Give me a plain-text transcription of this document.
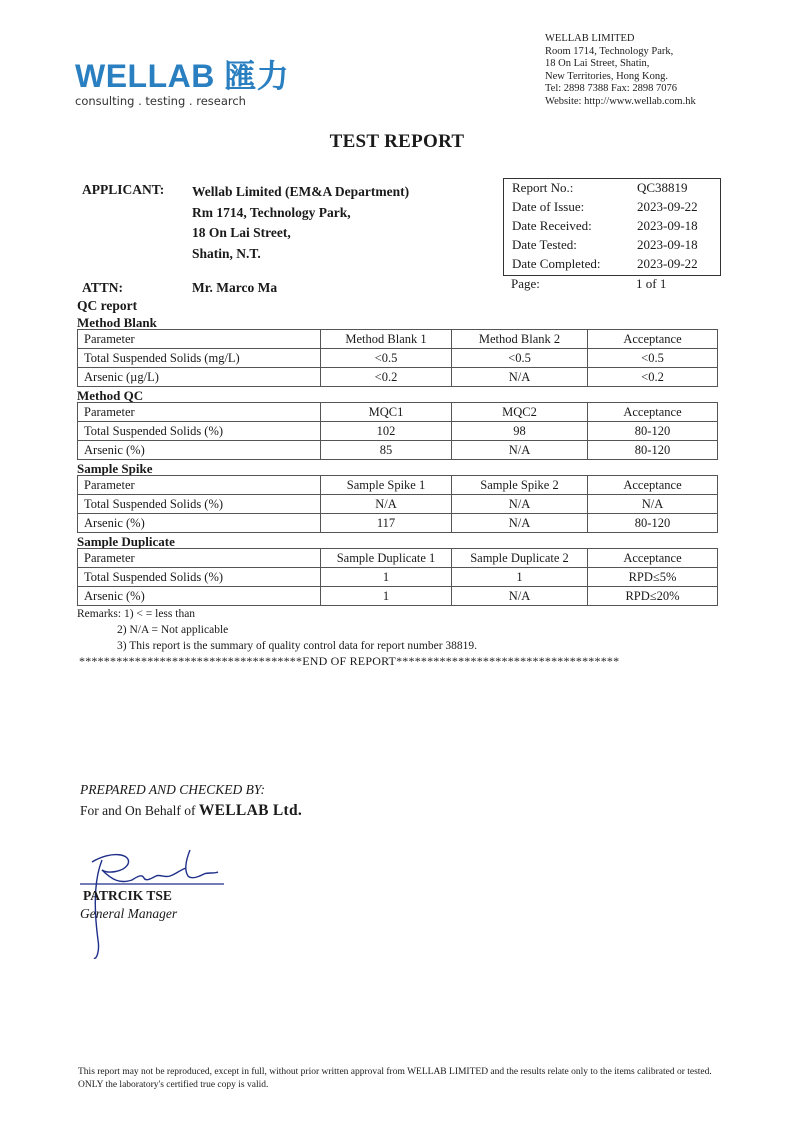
WELLAB 匯力
consulting . testing . research
WELLAB LIMITED
Room 1714, Technology Park,
18 On Lai Street, Shatin,
New Territories, Hong Kong.
Tel: 2898 7388 Fax: 2898 7076
Website: http://www.wellab.com.hk
TEST REPORT
APPLICANT: Wellab Limited (EM&A Department)
Rm 1714, Technology Park,
18 On Lai Street,
Shatin, N.T.
Report No.:	QC38819
Date of Issue:	2023-09-22
Date Received:	2023-09-18
Date Tested:	2023-09-18
Date Completed:	2023-09-22
Page:	1 of 1
ATTN:	Mr. Marco Ma
QC report
Method Blank
Parameter	Method Blank 1	Method Blank 2	Acceptance
Total Suspended Solids (mg/L)	<0.5	<0.5	<0.5
Arsenic (µg/L)	<0.2	N/A	<0.2
Method QC
Parameter	MQC1	MQC2	Acceptance
Total Suspended Solids (%)	102	98	80-120
Arsenic (%)	85	N/A	80-120
Sample Spike
Parameter	Sample Spike 1	Sample Spike 2	Acceptance
Total Suspended Solids (%)	N/A	N/A	N/A
Arsenic (%)	117	N/A	80-120
Sample Duplicate
Parameter	Sample Duplicate 1	Sample Duplicate 2	Acceptance
Total Suspended Solids (%)	1	1	RPD≤5%
Arsenic (%)	1	N/A	RPD≤20%
Remarks: 1) < = less than
2) N/A = Not applicable
3) This report is the summary of quality control data for report number 38819.
************************************END OF REPORT************************************
PREPARED AND CHECKED BY:
For and On Behalf of WELLAB Ltd.
PATRCIK TSE
General Manager
This report may not be reproduced, except in full, without prior written approval from WELLAB LIMITED and the results relate only to the items calibrated or tested. ONLY the laboratory's certified true copy is valid.
